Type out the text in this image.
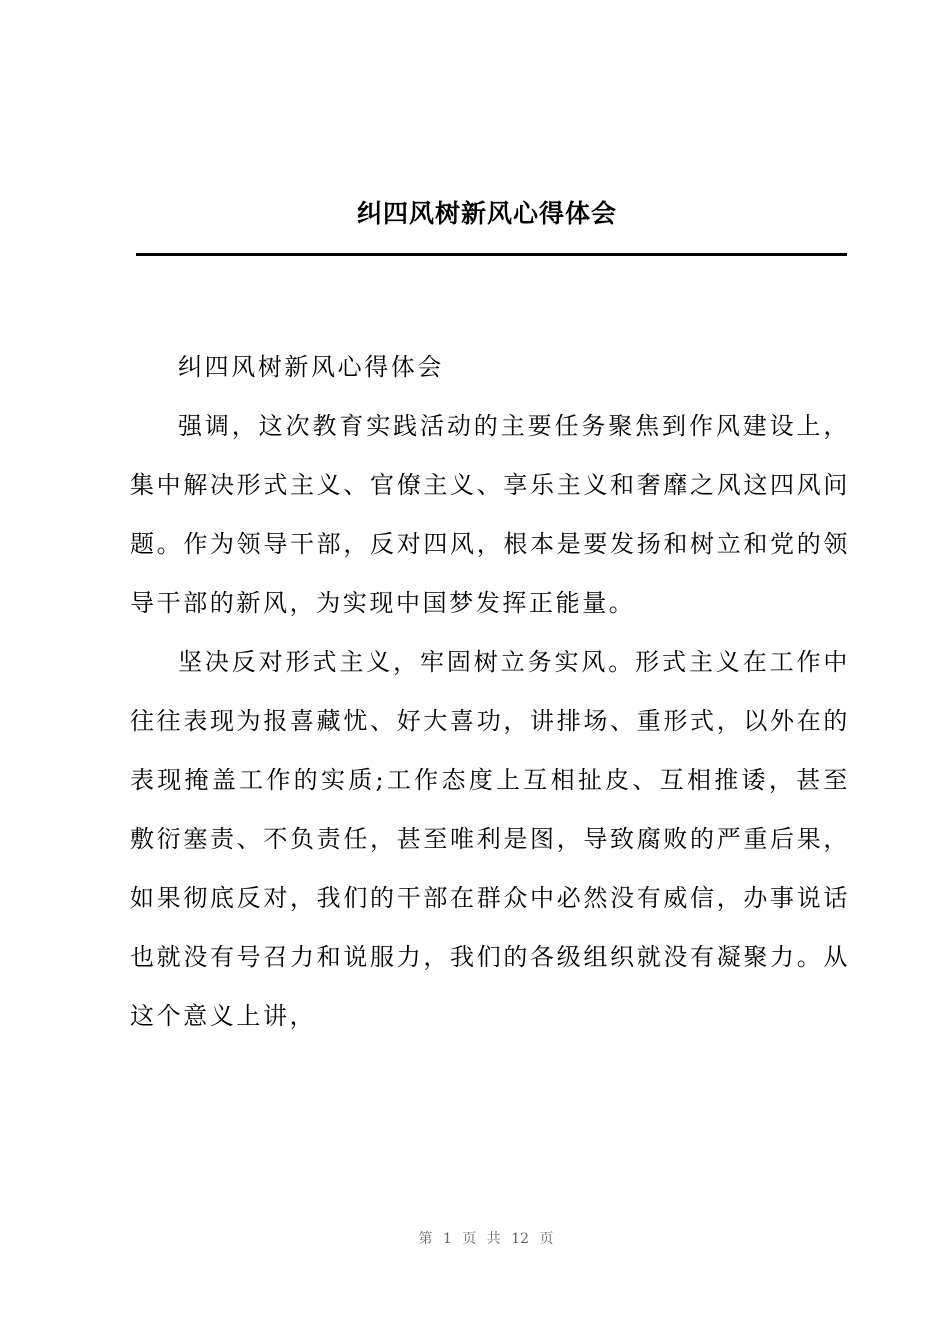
纠四风树新风心得体会

纠四风树新风心得体会

强调，这次教育实践活动的主要任务聚焦到作风建设上，集中解决形式主义、官僚主义、享乐主义和奢靡之风这四风问题。作为领导干部，反对四风，根本是要发扬和树立和党的领导干部的新风，为实现中国梦发挥正能量。

坚决反对形式主义，牢固树立务实风。形式主义在工作中往往表现为报喜藏忧、好大喜功，讲排场、重形式，以外在的表现掩盖工作的实质;工作态度上互相扯皮、互相推诿，甚至敷衍塞责、不负责任，甚至唯利是图，导致腐败的严重后果，如果彻底反对，我们的干部在群众中必然没有威信，办事说话也就没有号召力和说服力，我们的各级组织就没有凝聚力。从这个意义上讲，

第 1 页 共 12 页
